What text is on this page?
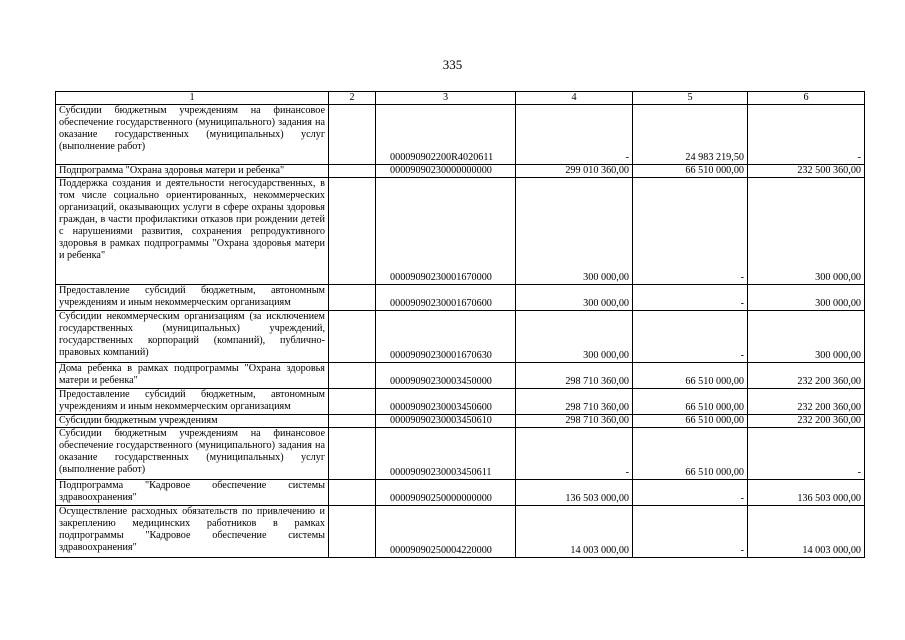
335
1	2	3	4	5	6
Субсидии бюджетным учреждениям на финансовое обеспечение государственного (муниципального) задания на оказание государственных (муниципальных) услуг (выполнение работ)		000090902200R4020611	-	24 983 219,50	-
Подпрограмма "Охрана здоровья матери и ребенка"		00009090230000000000	299 010 360,00	66 510 000,00	232 500 360,00
Поддержка создания и деятельности негосударственных, в том числе социально ориентированных, некоммерческих организаций, оказывающих услуги в сфере охраны здоровья граждан, в части профилактики отказов при рождении детей с нарушениями развития, сохранения репродуктивного здоровья в рамках подпрограммы "Охрана здоровья матери и ребенка"		00009090230001670000	300 000,00	-	300 000,00
Предоставление субсидий бюджетным, автономным учреждениям и иным некоммерческим организациям		00009090230001670600	300 000,00	-	300 000,00
Субсидии некоммерческим организациям (за исключением государственных (муниципальных) учреждений, государственных корпораций (компаний), публично-правовых компаний)		00009090230001670630	300 000,00	-	300 000,00
Дома ребенка в рамках подпрограммы "Охрана здоровья матери и ребенка"		00009090230003450000	298 710 360,00	66 510 000,00	232 200 360,00
Предоставление субсидий бюджетным, автономным учреждениям и иным некоммерческим организациям		00009090230003450600	298 710 360,00	66 510 000,00	232 200 360,00
Субсидии бюджетным учреждениям		00009090230003450610	298 710 360,00	66 510 000,00	232 200 360,00
Субсидии бюджетным учреждениям на финансовое обеспечение государственного (муниципального) задания на оказание государственных (муниципальных) услуг (выполнение работ)		00009090230003450611	-	66 510 000,00	-
Подпрограмма "Кадровое обеспечение системы здравоохранения"		00009090250000000000	136 503 000,00	-	136 503 000,00
Осуществление расходных обязательств по привлечению и закреплению медицинских работников в рамках подпрограммы "Кадровое обеспечение системы здравоохранения"		00009090250004220000	14 003 000,00	-	14 003 000,00
